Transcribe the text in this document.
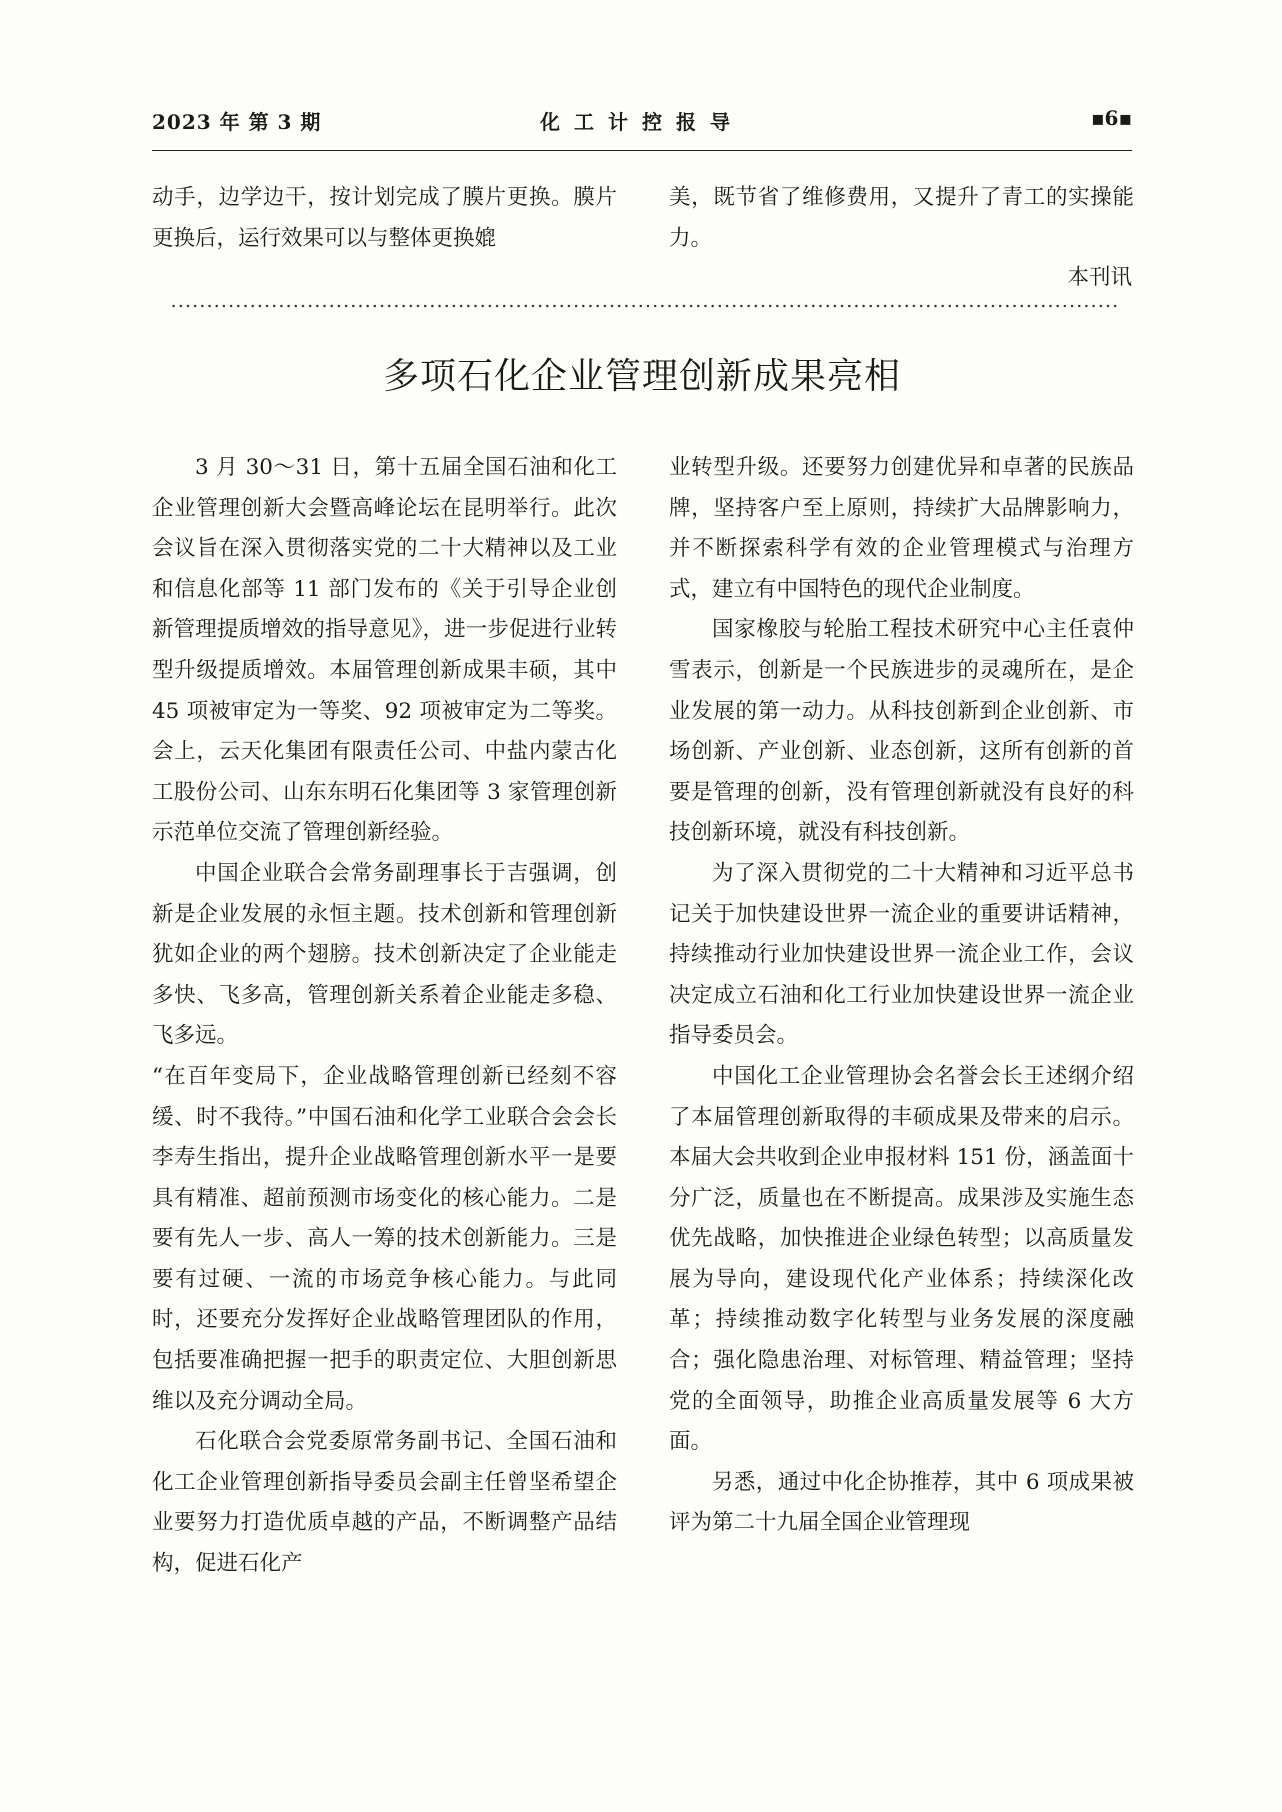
2023 年 第 3 期	化工计控报导	▪6▪

动手，边学边干，按计划完成了膜片更换。膜片更换后，运行效果可以与整体更换媲

美，既节省了维修费用，又提升了青工的实操能力。

本刊讯
多项石化企业管理创新成果亮相

3 月 30～31 日，第十五届全国石油和化工企业管理创新大会暨高峰论坛在昆明举行。此次会议旨在深入贯彻落实党的二十大精神以及工业和信息化部等 11 部门发布的《关于引导企业创新管理提质增效的指导意见》，进一步促进行业转型升级提质增效。本届管理创新成果丰硕，其中 45 项被审定为一等奖、92 项被审定为二等奖。会上，云天化集团有限责任公司、中盐内蒙古化工股份公司、山东东明石化集团等 3 家管理创新示范单位交流了管理创新经验。

中国企业联合会常务副理事长于吉强调，创新是企业发展的永恒主题。技术创新和管理创新犹如企业的两个翅膀。技术创新决定了企业能走多快、飞多高，管理创新关系着企业能走多稳、飞多远。

“在百年变局下，企业战略管理创新已经刻不容缓、时不我待。”中国石油和化学工业联合会会长李寿生指出，提升企业战略管理创新水平一是要具有精准、超前预测市场变化的核心能力。二是要有先人一步、高人一筹的技术创新能力。三是要有过硬、一流的市场竞争核心能力。与此同时，还要充分发挥好企业战略管理团队的作用，包括要准确把握一把手的职责定位、大胆创新思维以及充分调动全局。

石化联合会党委原常务副书记、全国石油和化工企业管理创新指导委员会副主任曾坚希望企业要努力打造优质卓越的产品，不断调整产品结构，促进石化产

业转型升级。还要努力创建优异和卓著的民族品牌，坚持客户至上原则，持续扩大品牌影响力，并不断探索科学有效的企业管理模式与治理方式，建立有中国特色的现代企业制度。

国家橡胶与轮胎工程技术研究中心主任袁仲雪表示，创新是一个民族进步的灵魂所在，是企业发展的第一动力。从科技创新到企业创新、市场创新、产业创新、业态创新，这所有创新的首要是管理的创新，没有管理创新就没有良好的科技创新环境，就没有科技创新。

为了深入贯彻党的二十大精神和习近平总书记关于加快建设世界一流企业的重要讲话精神，持续推动行业加快建设世界一流企业工作，会议决定成立石油和化工行业加快建设世界一流企业指导委员会。

中国化工企业管理协会名誉会长王述纲介绍了本届管理创新取得的丰硕成果及带来的启示。本届大会共收到企业申报材料 151 份，涵盖面十分广泛，质量也在不断提高。成果涉及实施生态优先战略，加快推进企业绿色转型；以高质量发展为导向，建设现代化产业体系；持续深化改革；持续推动数字化转型与业务发展的深度融合；强化隐患治理、对标管理、精益管理；坚持党的全面领导，助推企业高质量发展等 6 大方面。

另悉，通过中化企协推荐，其中 6 项成果被评为第二十九届全国企业管理现
